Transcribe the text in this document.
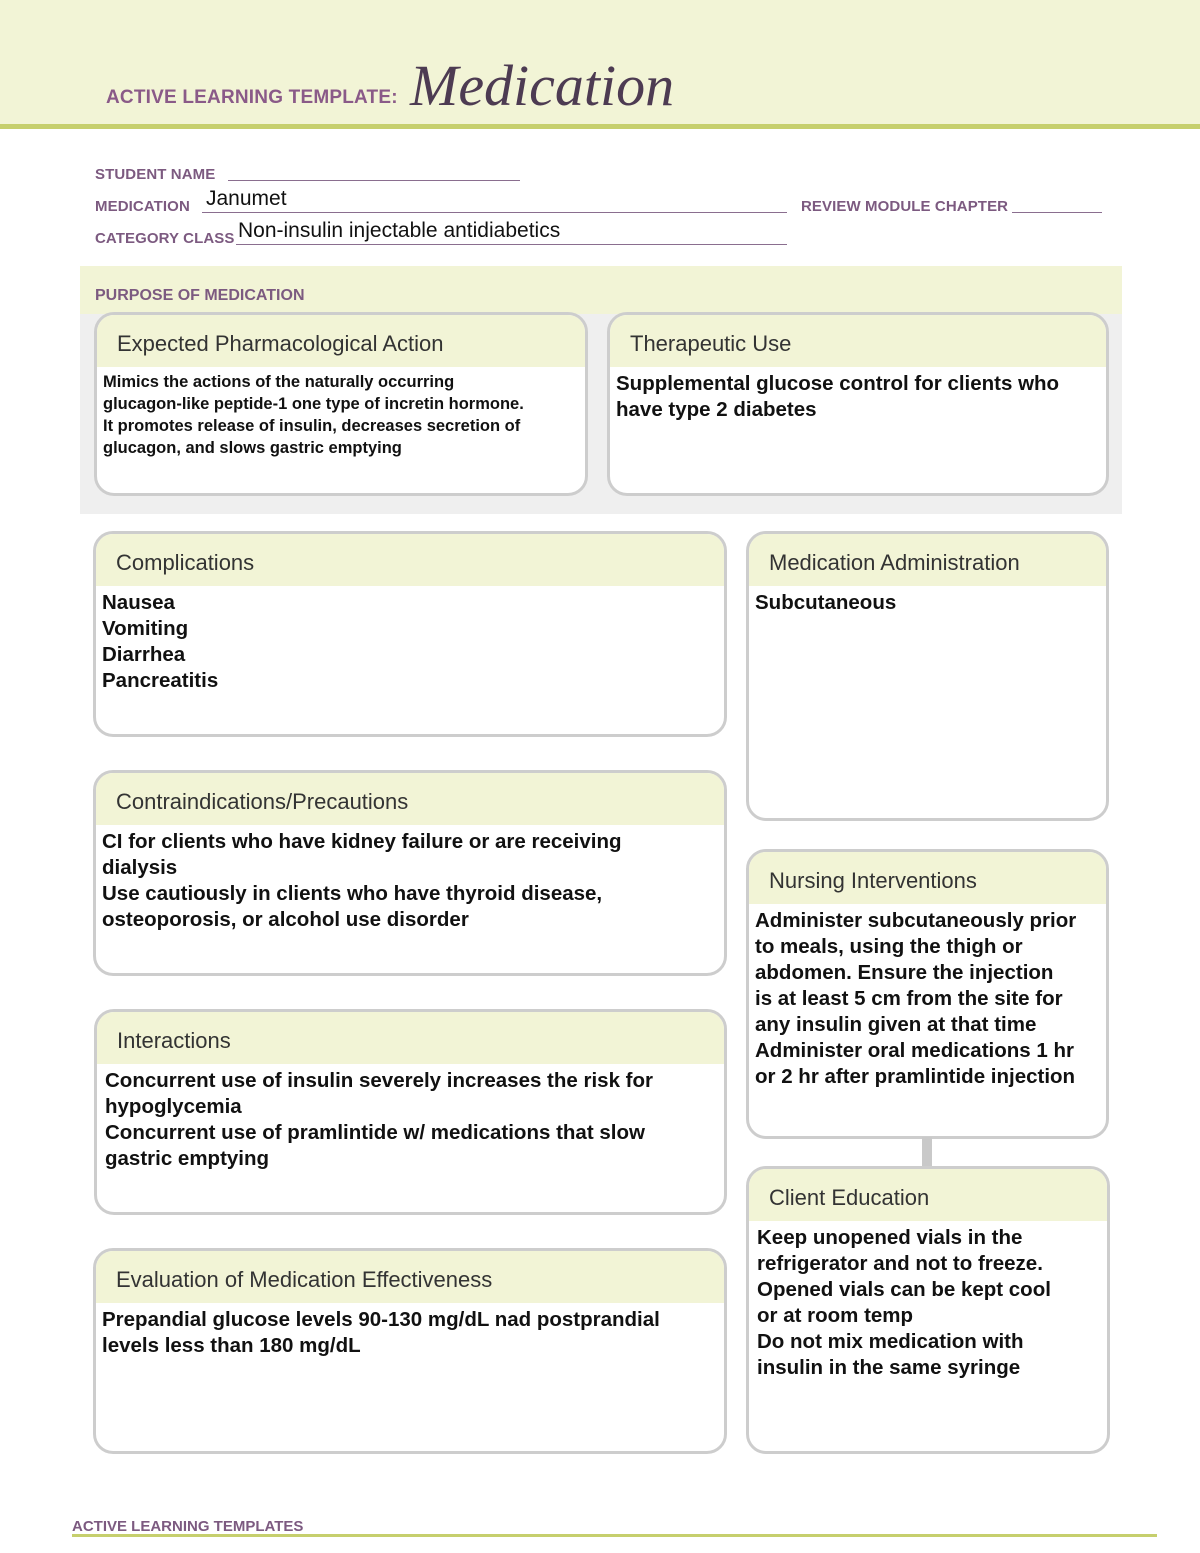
ACTIVE LEARNING TEMPLATE: Medication
STUDENT NAME
MEDICATION Janumet	REVIEW MODULE CHAPTER
CATEGORY CLASS Non-insulin injectable antidiabetics
PURPOSE OF MEDICATION
Expected Pharmacological Action
Mimics the actions of the naturally occurring
glucagon-like peptide-1 one type of incretin hormone.
It promotes release of insulin, decreases secretion of
glucagon, and slows gastric emptying
Therapeutic Use
Supplemental glucose control for clients who
have type 2 diabetes
Complications
Nausea
Vomiting
Diarrhea
Pancreatitis
Contraindications/Precautions
CI for clients who have kidney failure or are receiving
dialysis
Use cautiously in clients who have thyroid disease,
osteoporosis, or alcohol use disorder
Interactions
Concurrent use of insulin severely increases the risk for
hypoglycemia
Concurrent use of pramlintide w/ medications that slow
gastric emptying
Evaluation of Medication Effectiveness
Prepandial glucose levels 90-130 mg/dL nad postprandial
levels less than 180 mg/dL
Medication Administration
Subcutaneous
Nursing Interventions
Administer subcutaneously prior
to meals, using the thigh or
abdomen. Ensure the injection
is at least 5 cm from the site for
any insulin given at that time
Administer oral medications 1 hr
or 2 hr after pramlintide injection
Client Education
Keep unopened vials in the
refrigerator and not to freeze.
Opened vials can be kept cool
or at room temp
Do not mix medication with
insulin in the same syringe
ACTIVE LEARNING TEMPLATES
